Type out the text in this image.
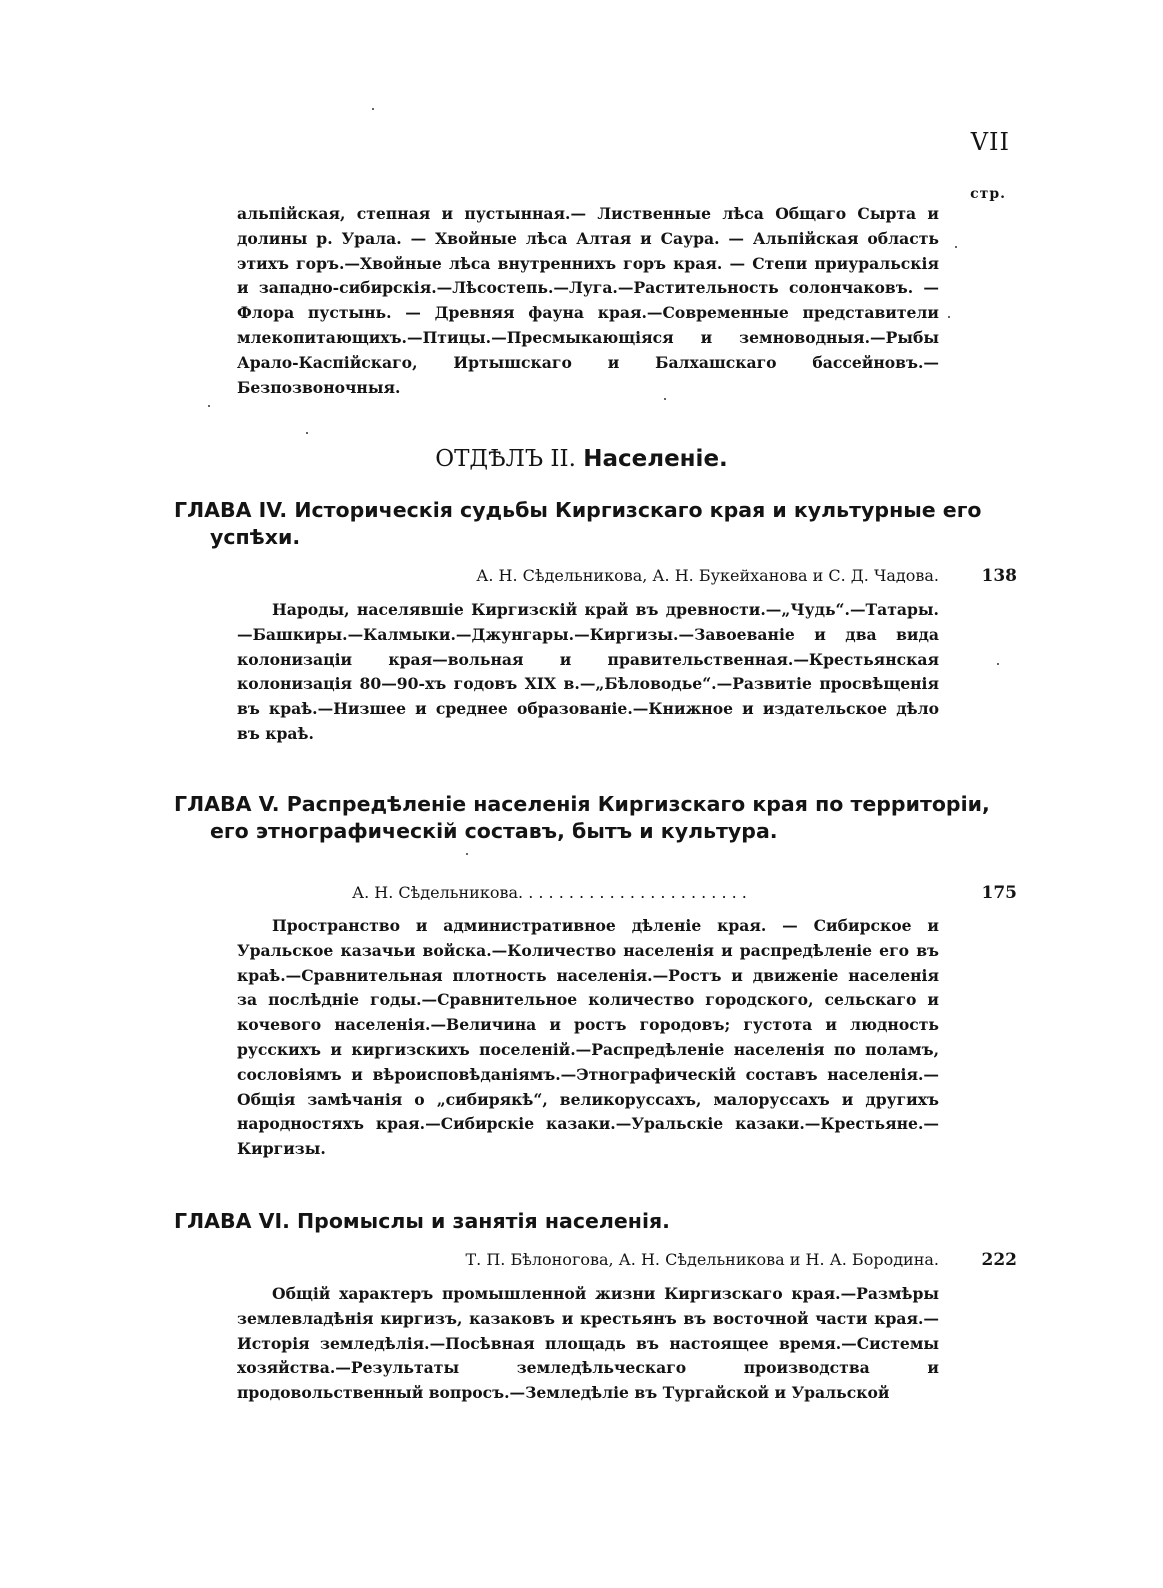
VII
стр.

альпійская, степная и пустынная.— Лиственные лѣса Общаго Сырта и долины р. Урала. — Хвойные лѣса Алтая и Саура. — Альпійская область этихъ горъ.—Хвойные лѣса внутреннихъ горъ края. — Степи приуральскія и западно-сибирскія.—Лѣсостепь.—Луга.—Растительность солончаковъ. — Флора пустынь. — Древняя фауна края.—Современные представители млекопитающихъ.—Птицы.—Пресмыкающіяся и земноводныя.—Рыбы Арало-Каспійскаго, Иртышскаго и Балхашскаго бассейновъ.—Безпозвоночныя.

ОТДѢЛЪ II. Населеніе.
ГЛАВА IV. Историческія судьбы Киргизскаго края и культурные его успѣхи.
А. Н. Сѣдельникова, А. Н. Букейханова и С. Д. Чадова.	138

Народы, населявшіе Киргизскій край въ древности.—„Чудь“.—Татары.—Башкиры.—Калмыки.—Джунгары.—Киргизы.—Завоеваніе и два вида колонизаціи края—вольная и правительственная.—Крестьянская колонизація 80—90-хъ годовъ XIX в.—„Бѣловодье“.—Развитіе просвѣщенія въ краѣ.—Низшее и среднее образованіе.—Книжное и издательское дѣло въ краѣ.

ГЛАВА V. Распредѣленіе населенія Киргизскаго края по территоріи, его этнографическій составъ, бытъ и культура.
А. Н. Сѣдельникова. . . . . . . . . . . . . . . . . . . . . . .	175

Пространство и административное дѣленіе края. — Сибирское и Уральское казачьи войска.—Количество населенія и распредѣленіе его въ краѣ.—Сравнительная плотность населенія.—Ростъ и движеніе населенія за послѣдніе годы.—Сравнительное количество городского, сельскаго и кочевого населенія.—Величина и ростъ городовъ; густота и людность русскихъ и киргизскихъ поселеній.—Распредѣленіе населенія по поламъ, сословіямъ и вѣроисповѣданіямъ.—Этнографическій составъ населенія.— Общія замѣчанія о „сибирякѣ“, великоруссахъ, малоруссахъ и другихъ народностяхъ края.—Сибирскіе казаки.—Уральскіе казаки.—Крестьяне.—Киргизы.

ГЛАВА VI. Промыслы и занятія населенія.
Т. П. Бѣлоногова, А. Н. Сѣдельникова и Н. А. Бородина.	222

Общій характеръ промышленной жизни Киргизскаго края.—Размѣры землевладѣнія киргизъ, казаковъ и крестьянъ въ восточной части края.—Исторія земледѣлія.—Посѣвная площадь въ настоящее время.—Системы хозяйства.—Результаты земледѣльческаго производства и продовольственный вопросъ.—Земледѣліе въ Тургайской и Уральской
